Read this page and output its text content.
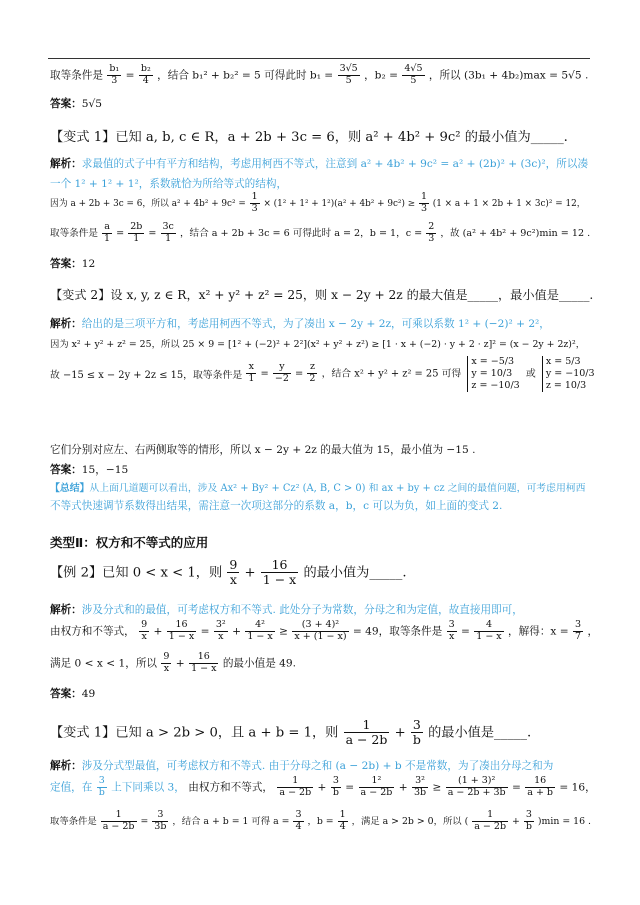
取等条件是 $\frac{\text{b₁}}{3} = \frac{\text{b₂}}{4}$ ，结合 b₁² + b₂² = 5 可得此时 $b_1 = \frac{3√5}{5}$ ，$b_2 = \frac{4√5}{5}$ ，所以 (3b₁ + 4b₂)max = 5√5 .
答案：5√5
【变式 1】已知 a, b, c ∈ R，a + 2b + 3c = 6，则 a² + 4b² + 9c² 的最小值为_____.
解析：求最值的式子中有平方和结构，考虑用柯西不等式，注意到 a² + 4b² + 9c² = a² + (2b)² + (3c)²，所以凑
一个 1² + 1² + 1²，系数就恰为所给等式的结构，
因为 a + 2b + 3c = 6，所以 $a^2 + 4b^2 + 9c^2 = \frac{1}{3} \times (1^2 + 1^2 + 1^2)(a^2 + 4b^2 + 9c^2) \ge \frac{1}{3} (1 \times a + 1 \times 2b + 1 \times 3c)^2 = 12$，
取等条件是 $\frac{a}{1} = \frac{2b}{1} = \frac{3c}{1}$ ，结合 a + 2b + 3c = 6 可得此时 a = 2，b = 1，$c = \frac{2}{3}$ ，故 (a² + 4b² + 9c²)min = 12 .
答案：12
【变式 2】设 x, y, z ∈ R，x² + y² + z² = 25，则 x − 2y + 2z 的最大值是_____，最小值是_____.
解析：给出的是三项平方和，考虑用柯西不等式，为了凑出 x − 2y + 2z，可乘以系数 1² + (−2)² + 2²，
因为 x² + y² + z² = 25，所以 25 × 9 = [1² + (−2)² + 2²](x² + y² + z²) ≥ [1 · x + (−2) · y + 2 · z]² = (x − 2y + 2z)²，
故 −15 ≤ x − 2y + 2z ≤ 15，取等条件是 $\frac{x}{1} = \frac{y}{-2} = \frac{z}{2}$ ，结合 x² + y² + z² = 25 可得
x = −5/3
y = 10/3
z = −10/3
或
x = 5/3
y = −10/3
z = 10/3
它们分别对应左、右两侧取等的情形，所以 x − 2y + 2z 的最大值为 15，最小值为 −15 .
答案：15，−15
【总结】从上面几道题可以看出，涉及 Ax² + By² + Cz² (A, B, C > 0) 和 ax + by + cz 之间的最值问题，可考虑用柯西
不等式快速调节系数得出结果，需注意一次项这部分的系数 a，b，c 可以为负，如上面的变式 2.
类型Ⅱ：权方和不等式的应用
【例 2】已知 0 < x < 1，则 $\frac{9}{x} + \frac{16}{1 - x}$ 的最小值为_____.
解析：涉及分式和的最值，可考虑权方和不等式. 此处分子为常数，分母之和为定值，故直接用即可，
由权方和不等式， $\frac{9}{x} + \frac{16}{1 - x} = \frac{\text{3²}}{x} + \frac{\text{4²}}{1 - x} \ge \frac{\text{(3 + 4)²}}{x + (1 - x)} = 49$，取等条件是 $\frac{3}{x} = \frac{4}{1 - x}$ ，解得：$x = \frac{3}{7}$ ，
满足 0 < x < 1，所以 $\frac{9}{x} + \frac{16}{1 - x}$ 的最小值是 49.
答案：49
【变式 1】已知 a > 2b > 0，且 a + b = 1，则 $\frac{1}{a - 2b} + \frac{3}{b}$ 的最小值是_____.
解析：涉及分式型最值，可考虑权方和不等式. 由于分母之和 (a − 2b) + b 不是常数，为了凑出分母之和为
定值，在 $\frac{3}{b}$ 上下同乘以 3， 由权方和不等式， $\frac{1}{a - 2b} + \frac{3}{b} = \frac{\text{1²}}{a - 2b} + \frac{\text{3²}}{3b} \ge \frac{\text{(1 + 3)²}}{a - 2b + 3b} = \frac{16}{a + b} = 16$，
取等条件是 $\frac{1}{a - 2b} = \frac{3}{3b}$ ，结合 a + b = 1 可得 $a = \frac{3}{4}$ ，$b = \frac{1}{4}$ ，满足 a > 2b > 0，所以 ( $\frac{1}{a - 2b} + \frac{3}{b} )\min = 16$ .
